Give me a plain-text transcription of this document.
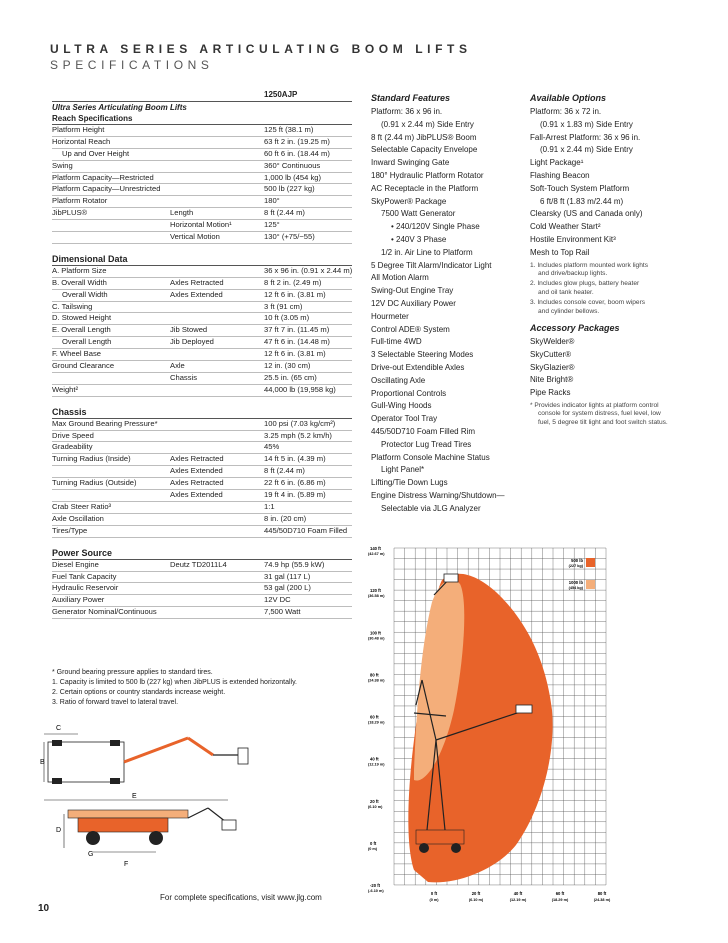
ULTRA SERIES ARTICULATING BOOM LIFTS
SPECIFICATIONS
1250AJP
Ultra Series Articulating Boom Lifts
Reach Specifications
Platform Height	125 ft (38.1 m)
Horizontal Reach	63 ft 2 in. (19.25 m)
Up and Over Height	60 ft 6 in. (18.44 m)
Swing	360° Continuous
Platform Capacity—Restricted	1,000 lb (454 kg)
Platform Capacity—Unrestricted	500 lb (227 kg)
Platform Rotator	180°
JibPLUS®	Length	8 ft (2.44 m)
Horizontal Motion¹	125°
Vertical Motion	130° (+75/−55)
Dimensional Data
A. Platform Size	36 x 96 in. (0.91 x 2.44 m)
B. Overall Width	Axles Retracted	8 ft 2 in. (2.49 m)
Overall Width	Axles Extended	12 ft 6 in. (3.81 m)
C. Tailswing	3 ft (91 cm)
D. Stowed Height	10 ft (3.05 m)
E. Overall Length	Jib Stowed	37 ft 7 in. (11.45 m)
Overall Length	Jib Deployed	47 ft 6 in. (14.48 m)
F. Wheel Base	12 ft 6 in. (3.81 m)
Ground Clearance	Axle	12 in. (30 cm)
Chassis	25.5 in. (65 cm)
Weight²	44,000 lb (19,958 kg)
Chassis
Max Ground Bearing Pressure*	100 psi (7.03 kg/cm²)
Drive Speed	3.25 mph (5.2 km/h)
Gradeability	45%
Turning Radius (Inside)	Axles Retracted	14 ft 5 in. (4.39 m)
Axles Extended	8 ft (2.44 m)
Turning Radius (Outside)	Axles Retracted	22 ft 6 in. (6.86 m)
Axles Extended	19 ft 4 in. (5.89 m)
Crab Steer Ratio³	1:1
Axle Oscillation	8 in. (20 cm)
Tires/Type	445/50D710 Foam Filled
Power Source
Diesel Engine	Deutz TD2011L4	74.9 hp (55.9 kW)
Fuel Tank Capacity	31 gal (117 L)
Hydraulic Reservoir	53 gal (200 L)
Auxiliary Power	12V DC
Generator Nominal/Continuous	7,500 Watt
* Ground bearing pressure applies to standard tires.
1. Capacity is limited to 500 lb (227 kg) when JibPLUS is extended horizontally.
2. Certain options or country standards increase weight.
3. Ratio of forward travel to lateral travel.
Standard Features
Platform: 36 x 96 in.
(0.91 x 2.44 m) Side Entry
8 ft (2.44 m) JibPLUS® Boom
Selectable Capacity Envelope
Inward Swinging Gate
180° Hydraulic Platform Rotator
AC Receptacle in the Platform
SkyPower® Package
7500 Watt Generator
• 240/120V Single Phase
• 240V 3 Phase
1/2 in. Air Line to Platform
5 Degree Tilt Alarm/Indicator Light
All Motion Alarm
Swing-Out Engine Tray
12V DC Auxiliary Power
Hourmeter
Control ADE® System
Full-time 4WD
3 Selectable Steering Modes
Drive-out Extendible Axles
Oscillating Axle
Proportional Controls
Gull-Wing Hoods
Operator Tool Tray
445/50D710 Foam Filled Rim
Protector Lug Tread Tires
Platform Console Machine Status
Light Panel*
Lifting/Tie Down Lugs
Engine Distress Warning/Shutdown—
Selectable via JLG Analyzer
Available Options
Platform: 36 x 72 in.
(0.91 x 1.83 m) Side Entry
Fall-Arrest Platform: 36 x 96 in.
(0.91 x 2.44 m) Side Entry
Light Package¹
Flashing Beacon
Soft-Touch System Platform
6 ft/8 ft (1.83 m/2.44 m)
Clearsky (US and Canada only)
Cold Weather Start²
Hostile Environment Kit³
Mesh to Top Rail
1. Includes platform mounted work lights
and drive/backup lights.
2. Includes glow plugs, battery heater
and oil tank heater.
3. Includes console cover, boom wipers
and cylinder bellows.
Accessory Packages
SkyWelder®
SkyCutter®
SkyGlazier®
Nite Bright®
Pipe Racks
* Provides indicator lights at platform control
console for system distress, fuel level, low
fuel, 5 degree tilt light and foot switch status.
140 ft
(42.67 m)
120 ft
(36.58 m)
100 ft
(30.48 m)
80 ft
(24.38 m)
60 ft
(18.29 m)
40 ft
(12.19 m)
20 ft
(6.10 m)
0 ft
(0 m)
-20 ft
(-6.10 m)	0 ft
(0 m)
20 ft
(6.10 m)
40 ft
(12.19 m)
60 ft
(18.29 m)
80 ft
(24.38 m)
500 lb
(227 kg)
1000 lb
(454 kg)
C
B
E
D
G
F
For complete specifications, visit www.jlg.com
10
